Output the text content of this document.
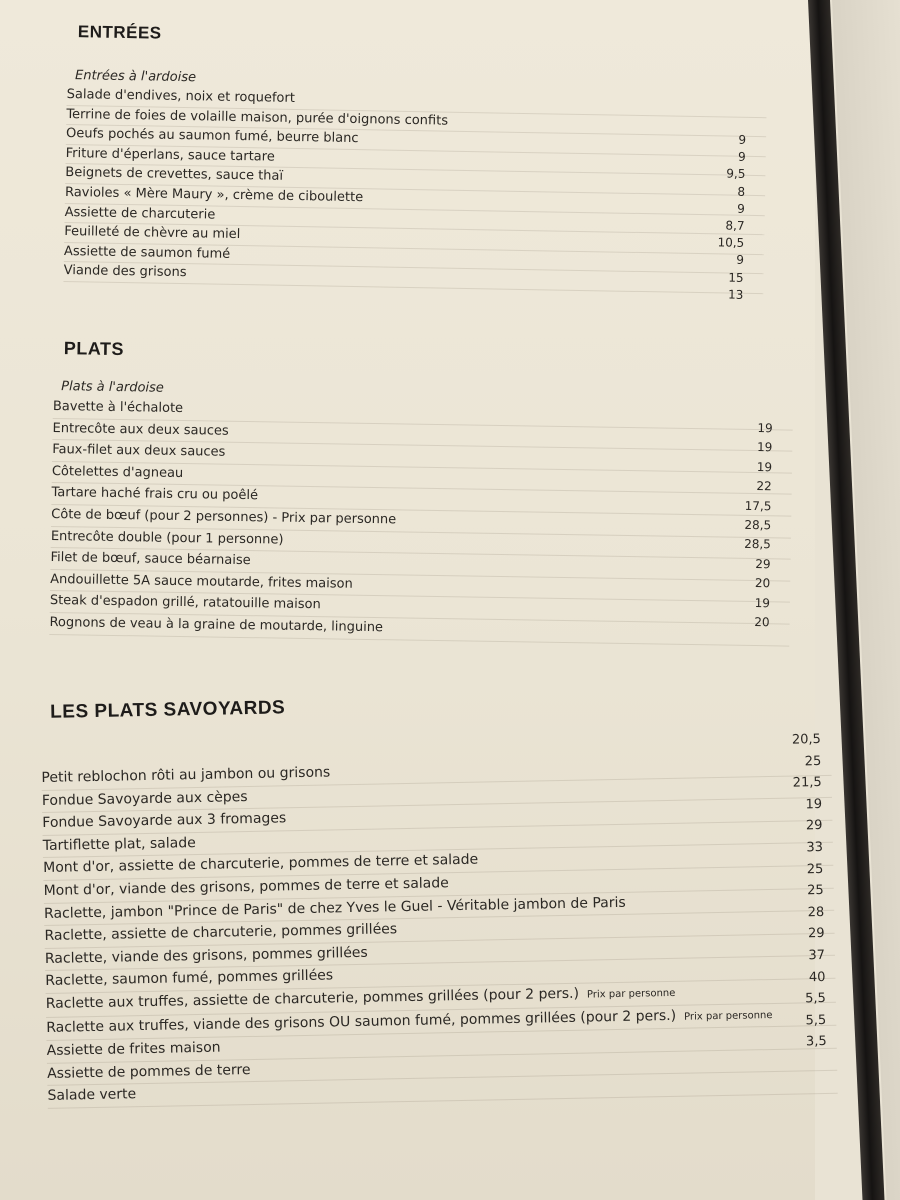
ENTRÉES
Entrées à l'ardoise
Salade d'endives, noix et roquefort
Terrine de foies de volaille maison, purée d'oignons confits
Oeufs pochés au saumon fumé, beurre blanc
Friture d'éperlans, sauce tartare
Beignets de crevettes, sauce thaï
Ravioles « Mère Maury », crème de ciboulette
Assiette de charcuterie
Feuilleté de chèvre au miel
Assiette de saumon fumé
Viande des grisons
9
9
9,5
8
9
8,7
10,5
9
15
13
PLATS
Plats à l'ardoise
Bavette à l'échalote
Entrecôte aux deux sauces
Faux-filet aux deux sauces
Côtelettes d'agneau
Tartare haché frais cru ou poêlé
Côte de bœuf (pour 2 personnes) - Prix par personne
Entrecôte double (pour 1 personne)
Filet de bœuf, sauce béarnaise
Andouillette 5A sauce moutarde, frites maison
Steak d'espadon grillé, ratatouille maison
Rognons de veau à la graine de moutarde, linguine
19
19
19
22
17,5
28,5
28,5
29
20
19
20
LES PLATS SAVOYARDS
Petit reblochon rôti au jambon ou grisons
Fondue Savoyarde aux cèpes
Fondue Savoyarde aux 3 fromages
Tartiflette plat, salade
Mont d'or, assiette de charcuterie, pommes de terre et salade
Mont d'or, viande des grisons, pommes de terre et salade
Raclette, jambon "Prince de Paris" de chez Yves le Guel - Véritable jambon de Paris
Raclette, assiette de charcuterie, pommes grillées
Raclette, viande des grisons, pommes grillées
Raclette, saumon fumé, pommes grillées
Raclette aux truffes, assiette de charcuterie, pommes grillées (pour 2 pers.) Prix par personne
Raclette aux truffes, viande des grisons OU saumon fumé, pommes grillées (pour 2 pers.) Prix par personne
Assiette de frites maison
Assiette de pommes de terre
Salade verte
20,5
25
21,5
19
29
33
25
25
28
29
37
40
5,5
5,5
3,5
